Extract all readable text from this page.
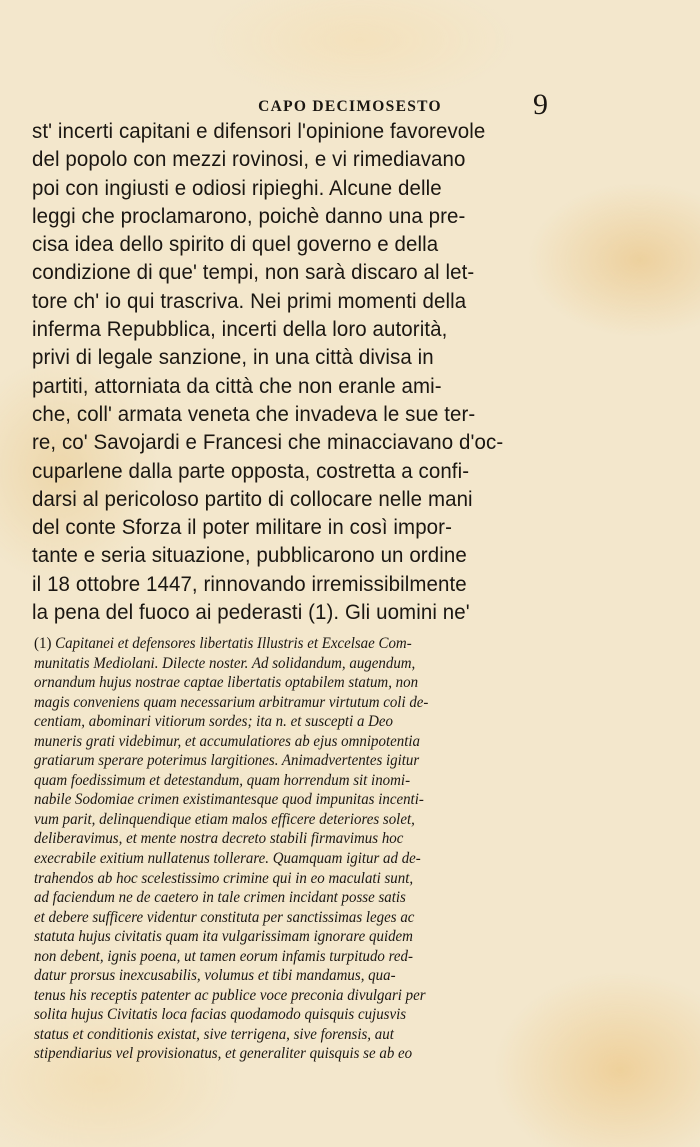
CAPO DECIMOSESTO	9
st' incerti capitani e difensori l'opinione favorevole
del popolo con mezzi rovinosi, e vi rimediavano
poi con ingiusti e odiosi ripieghi. Alcune delle
leggi che proclamarono, poichè danno una pre-
cisa idea dello spirito di quel governo e della
condizione di que' tempi, non sarà discaro al let-
tore ch' io qui trascriva. Nei primi momenti della
inferma Repubblica, incerti della loro autorità,
privi di legale sanzione, in una città divisa in
partiti, attorniata da città che non eranle ami-
che, coll' armata veneta che invadeva le sue ter-
re, co' Savojardi e Francesi che minacciavano d'oc-
cuparlene dalla parte opposta, costretta a confi-
darsi al pericoloso partito di collocare nelle mani
del conte Sforza il poter militare in così impor-
tante e seria situazione, pubblicarono un ordine
il 18 ottobre 1447, rinnovando irremissibilmente
la pena del fuoco ai pederasti (1). Gli uomini ne'
(1) Capitanei et defensores libertatis Illustris et Excelsae Com-
munitatis Mediolani. Dilecte noster. Ad solidandum, augendum,
ornandum hujus nostrae captae libertatis optabilem statum, non
magis conveniens quam necessarium arbitramur virtutum coli de-
centiam, abominari vitiorum sordes; ita n. et suscepti a Deo
muneris grati videbimur, et accumulatiores ab ejus omnipotentia
gratiarum sperare poterimus largitiones. Animadvertentes igitur
quam foedissimum et detestandum, quam horrendum sit inomi-
nabile Sodomiae crimen existimantesque quod impunitas incenti-
vum parit, delinquendique etiam malos efficere deteriores solet,
deliberavimus, et mente nostra decreto stabili firmavimus hoc
execrabile exitium nullatenus tollerare. Quamquam igitur ad de-
trahendos ab hoc scelestissimo crimine qui in eo maculati sunt,
ad faciendum ne de caetero in tale crimen incidant posse satis
et debere sufficere videntur constituta per sanctissimas leges ac
statuta hujus civitatis quam ita vulgarissimam ignorare quidem
non debent, ignis poena, ut tamen eorum infamis turpitudo red-
datur prorsus inexcusabilis, volumus et tibi mandamus, qua-
tenus his receptis patenter ac publice voce preconia divulgari per
solita hujus Civitatis loca facias quodamodo quisquis cujusvis
status et conditionis existat, sive terrigena, sive forensis, aut
stipendiarius vel provisionatus, et generaliter quisquis se ab eo
